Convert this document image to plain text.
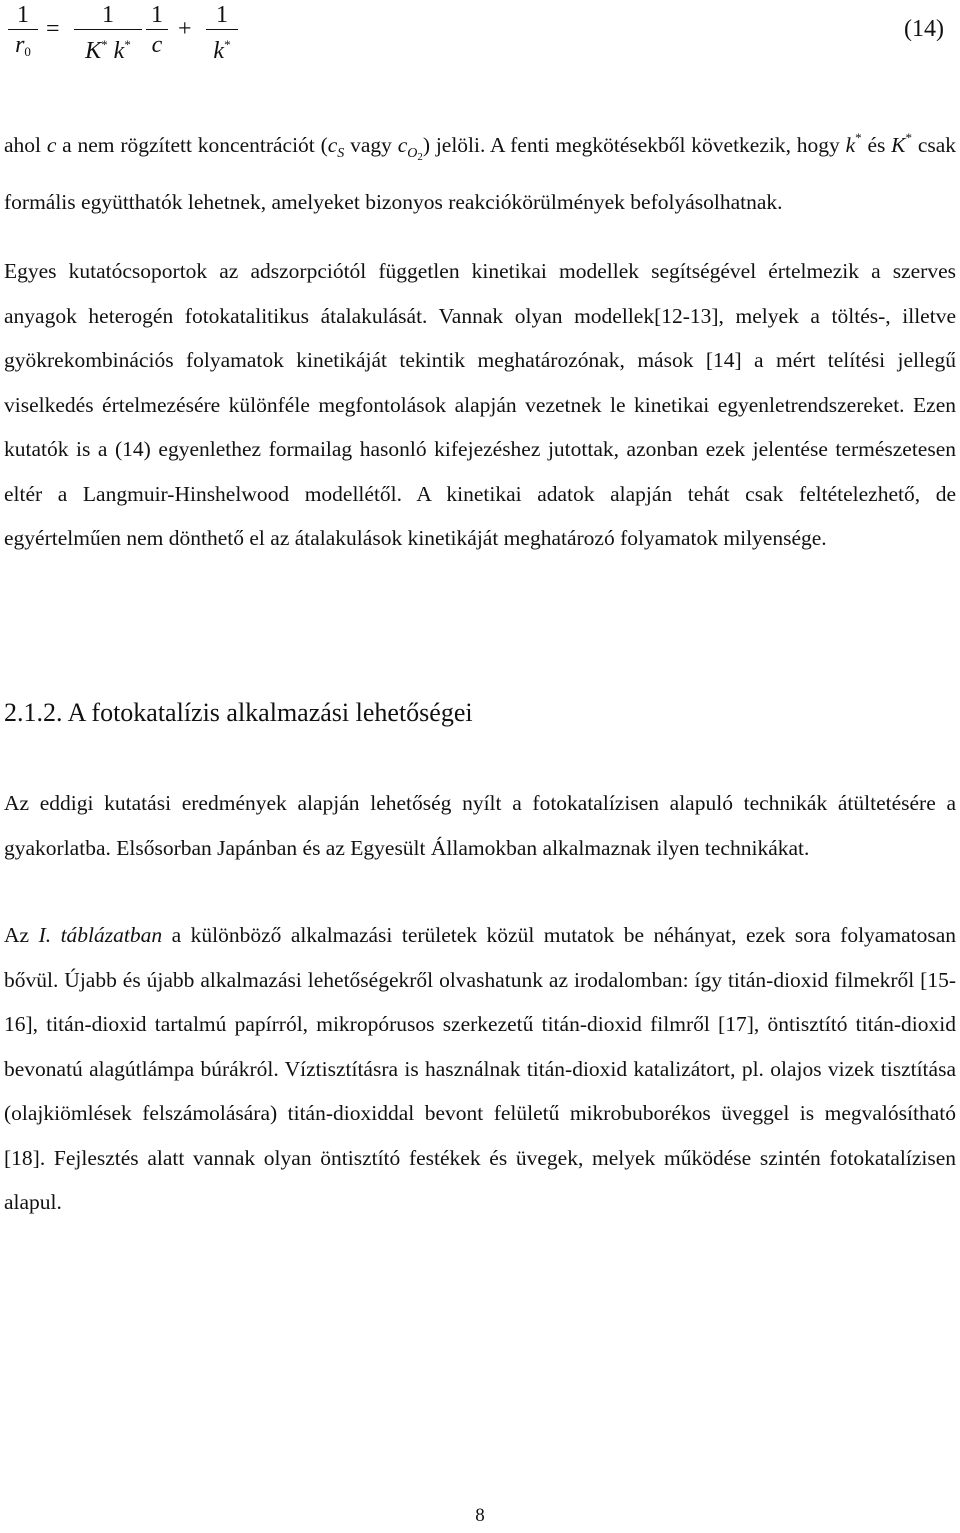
1
$r_0$
=
1
K* k*
1
c
+
1
k*
(14)

ahol c a nem rögzített koncentrációt ($c_S$ vagy $c_{O2}$) jelöli. A fenti megkötésekből következik, hogy k* és K* csak formális együtthatók lehetnek, amelyeket bizonyos reakciókörülmények befolyásolhatnak.

Egyes kutatócsoportok az adszorpciótól független kinetikai modellek segítségével értelmezik a szerves anyagok heterogén fotokatalitikus átalakulását. Vannak olyan modellek[12-13], melyek a töltés-, illetve gyökrekombinációs folyamatok kinetikáját tekintik meghatározónak, mások [14] a mért telítési jellegű viselkedés értelmezésére különféle megfontolások alapján vezetnek le kinetikai egyenletrendszereket. Ezen kutatók is a (14) egyenlethez formailag hasonló kifejezéshez jutottak, azonban ezek jelentése természetesen eltér a Langmuir-Hinshelwood modellétől. A kinetikai adatok alapján tehát csak feltételezhető, de egyértelműen nem dönthető el az átalakulások kinetikáját meghatározó folyamatok milyensége.

2.1.2. A fotokatalízis alkalmazási lehetőségei

Az eddigi kutatási eredmények alapján lehetőség nyílt a fotokatalízisen alapuló technikák átültetésére a gyakorlatba. Elsősorban Japánban és az Egyesült Államokban alkalmaznak ilyen technikákat.

Az I. táblázatban a különböző alkalmazási területek közül mutatok be néhányat, ezek sora folyamatosan bővül. Újabb és újabb alkalmazási lehetőségekről olvashatunk az irodalomban: így titán-dioxid filmekről [15-16], titán-dioxid tartalmú papírról, mikropórusos szerkezetű titán-dioxid filmről [17], öntisztító titán-dioxid bevonatú alagútlámpa búrákról. Víztisztításra is használnak titán-dioxid katalizátort, pl. olajos vizek tisztítása (olajkiömlések felszámolására) titán-dioxiddal bevont felületű mikrobuborékos üveggel is megvalósítható [18]. Fejlesztés alatt vannak olyan öntisztító festékek és üvegek, melyek működése szintén fotokatalízisen alapul.

8
